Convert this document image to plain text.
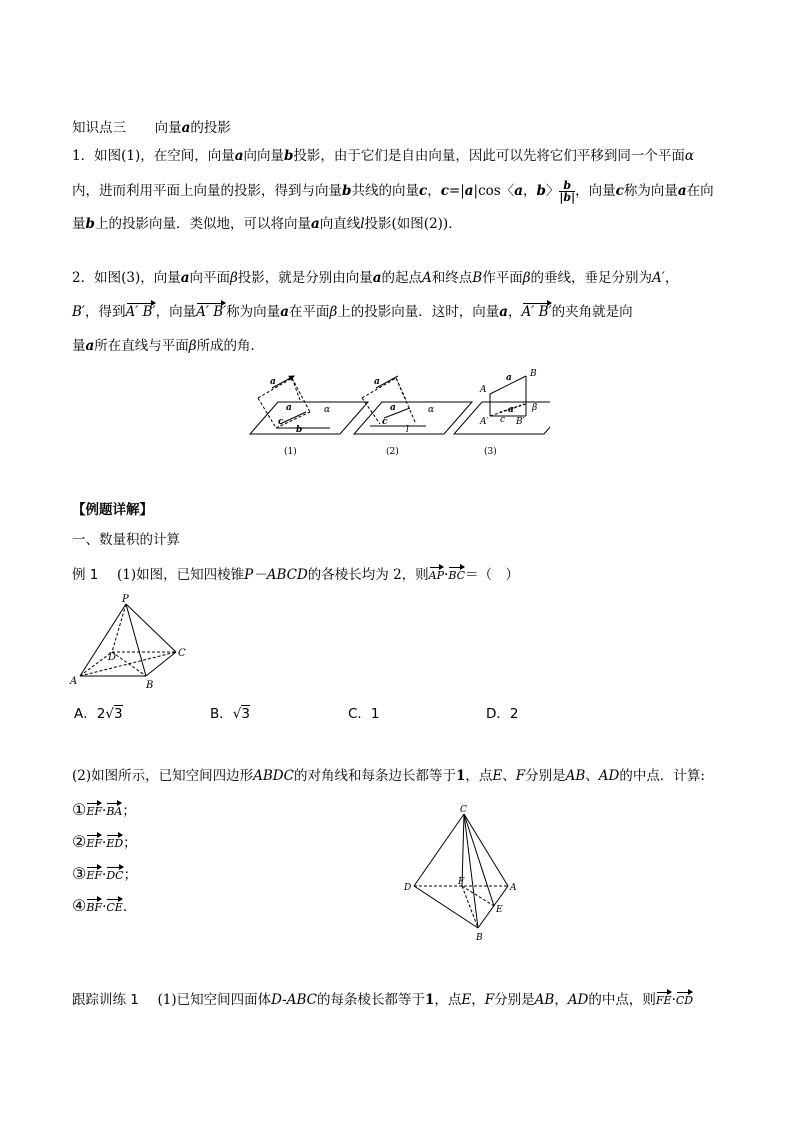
知识点三 向量a的投影
1．如图(1)，在空间，向量a向向量b投影，由于它们是自由向量，因此可以先将它们平移到同一个平面α
内，进而利用平面上向量的投影，得到与向量b共线的向量c，c=|a|cos〈a，b〉 $\frac{b}{|b|}$ ，向量c称为向量a在向
量b上的投影向量．类似地，可以将向量a向直线l投影(如图(2))．
2．如图(3)，向量a向平面β投影，就是分别由向量a的起点A和终点B作平面β的垂线，垂足分别为A′，
B′，得到A′ B′，向量A′ B′称为向量a在平面β上的投影向量．这时，向量a，A′ B′的夹角就是向
量a所在直线与平面β所成的角．
a
a
c
b
α
a
a
c
l
α
A
B
a
a
c
A′	B′
β
(1)	(2)	(3)
【例题详解】
一、数量积的计算
例 1 (1)如图，已知四棱锥P－ABCD的各棱长均为 2，则AP·BC＝（　）
P
A	B
C
D
A．2√3	B．√3	C．1	D．2
(2)如图所示，已知空间四边形ABDC的对角线和每条边长都等于1，点E、F分别是AB、AD的中点．计算:
①EF·BA；
②EF·ED；
③EF·DC；
④BF·CE．
C
D
F
A
E
B
跟踪训练 1 (1)已知空间四面体D-ABC的每条棱长都等于1，点E，F分别是AB，AD的中点，则FE·CD
